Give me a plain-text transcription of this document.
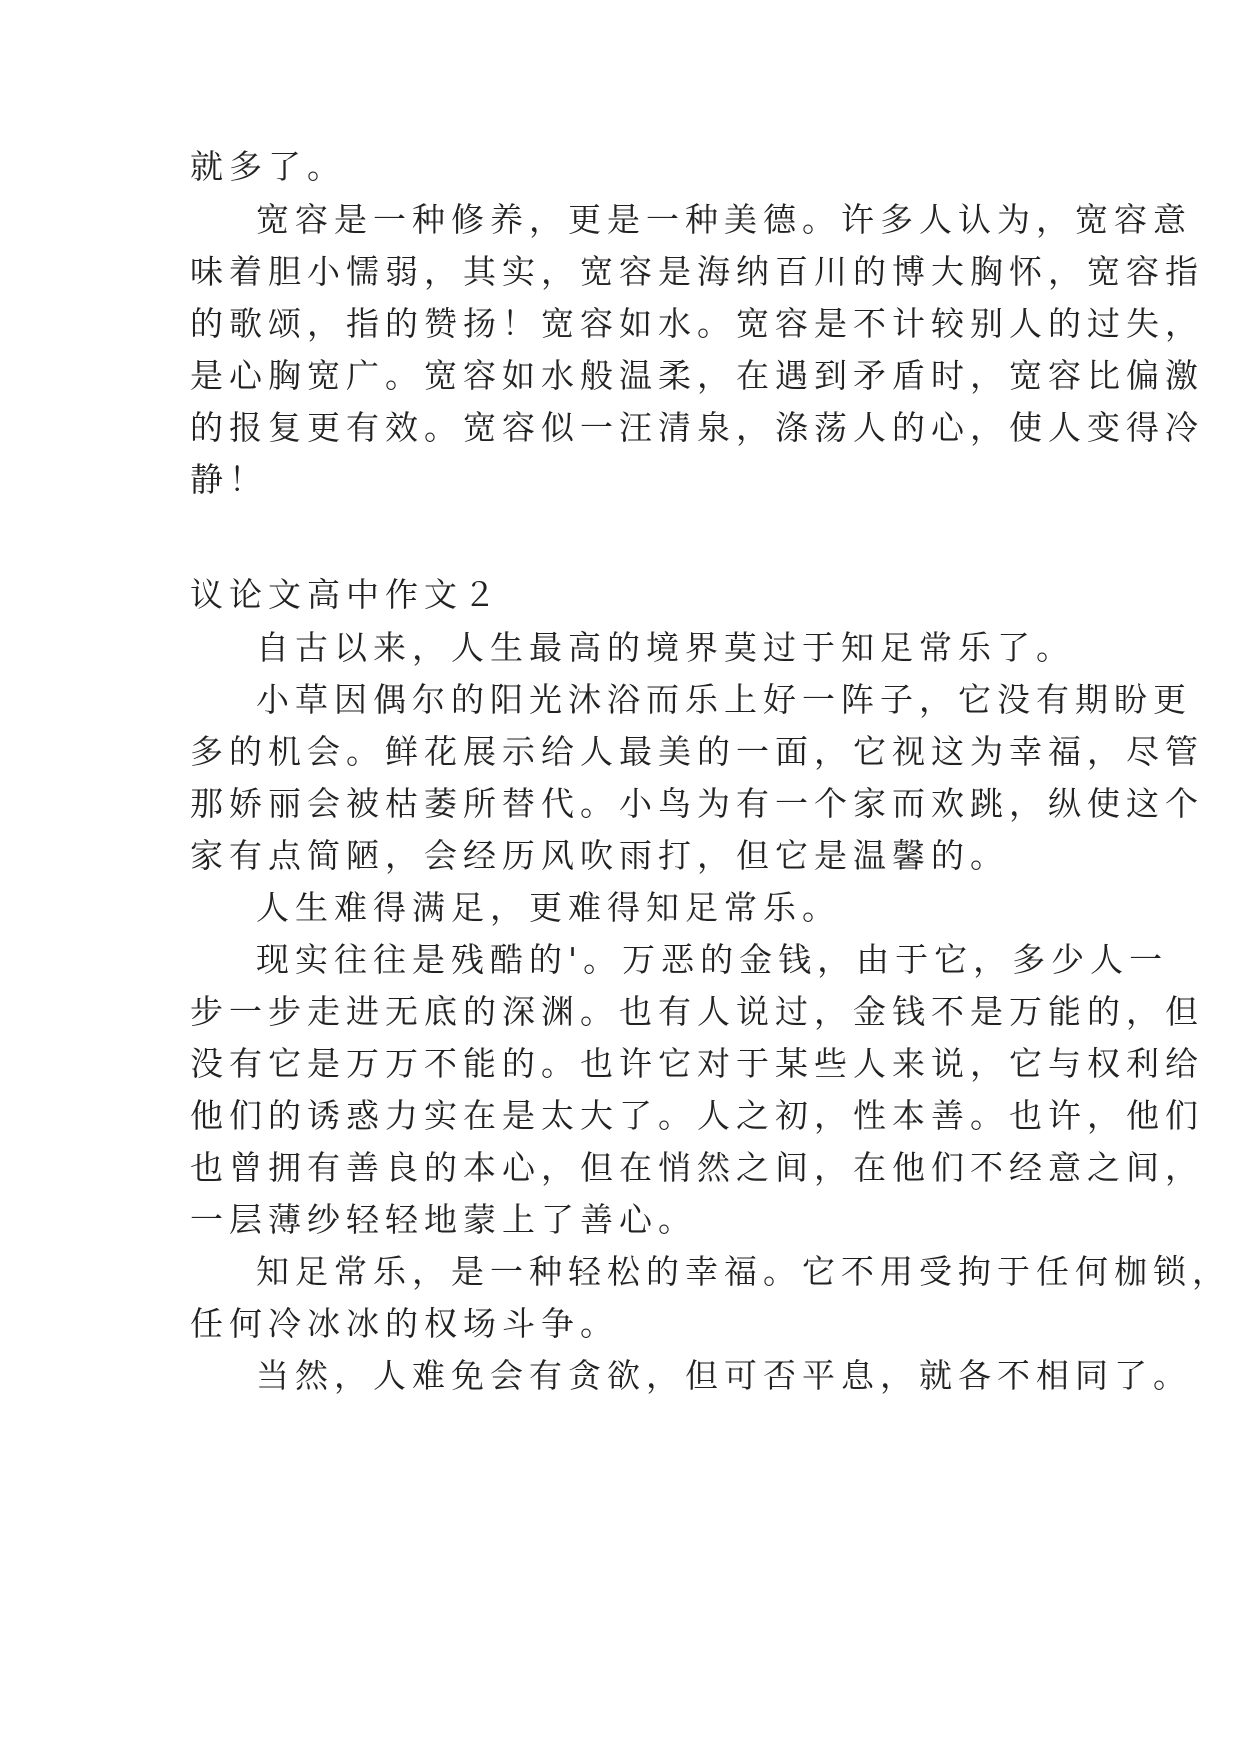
就多了。
宽容是一种修养，更是一种美德。许多人认为，宽容意
味着胆小懦弱，其实，宽容是海纳百川的博大胸怀，宽容指
的歌颂，指的赞扬！宽容如水。宽容是不计较别人的过失，
是心胸宽广。宽容如水般温柔，在遇到矛盾时，宽容比偏激
的报复更有效。宽容似一汪清泉，涤荡人的心，使人变得冷
静！
议论文高中作文２
自古以来，人生最高的境界莫过于知足常乐了。
小草因偶尔的阳光沐浴而乐上好一阵子，它没有期盼更
多的机会。鲜花展示给人最美的一面，它视这为幸福，尽管
那娇丽会被枯萎所替代。小鸟为有一个家而欢跳，纵使这个
家有点简陋，会经历风吹雨打，但它是温馨的。
人生难得满足，更难得知足常乐。
现实往往是残酷的'。万恶的金钱，由于它，多少人一
步一步走进无底的深渊。也有人说过，金钱不是万能的，但
没有它是万万不能的。也许它对于某些人来说，它与权利给
他们的诱惑力实在是太大了。人之初，性本善。也许，他们
也曾拥有善良的本心，但在悄然之间，在他们不经意之间，
一层薄纱轻轻地蒙上了善心。
知足常乐，是一种轻松的幸福。它不用受拘于任何枷锁，
任何冷冰冰的权场斗争。
当然，人难免会有贪欲，但可否平息，就各不相同了。
